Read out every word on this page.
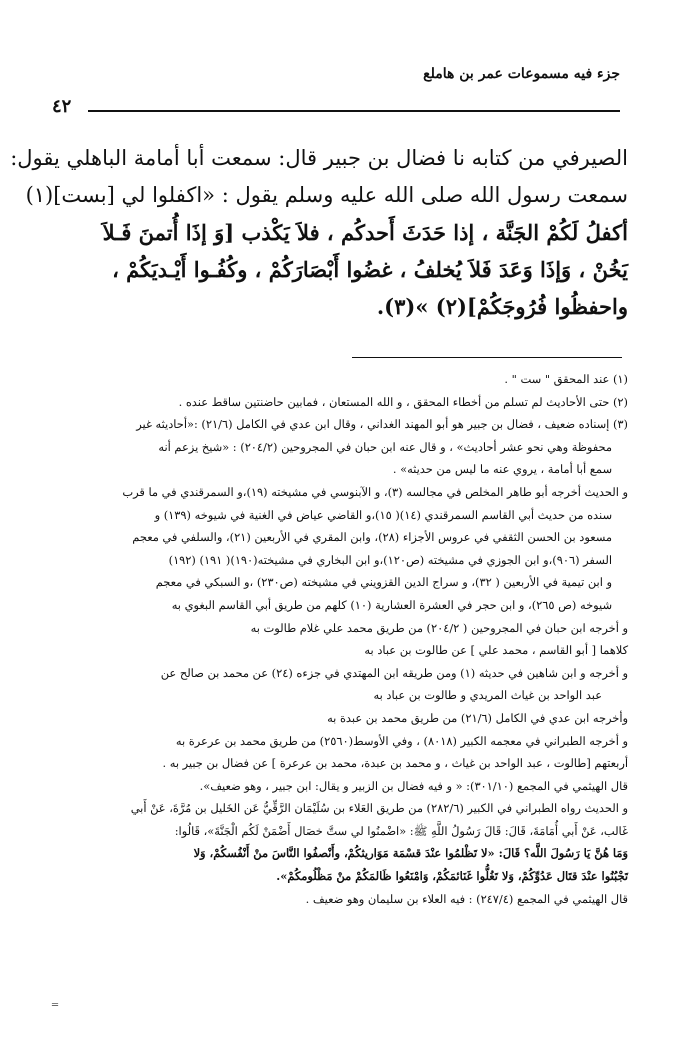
جزء فيه مسموعات عمر بن هاملع
٤٢
الصيرفي من كتابه نا فضال بن جبير قال: سمعت أبا أمامة الباهلي يقول:
سمعت رسول الله صلى الله عليه وسلم يقول : «اكفلوا لي [بست](١)
أكفلُ لَكُمْ الجَنَّة ، إذا حَدَثَ أَحدكُم ، فلاَ يَكْذب [وَ إذَا أُتمنَ فَـلاَ
يَخُنْ ، وَإذَا وَعَدَ فَلاَ يُخلفُ ، غضُوا أَبْصَارَكُمْ ، وكُفُـوا أَيْـديَكُمْ ،
واحفظُوا فُرُوجَكُمْ](٢) »(٣).
(١) عند المحقق " ست " .
(٢) حتى الأحاديث لم تسلم من أخطاء المحقق ، و الله المستعان ، فمابين حاضنتين ساقط عنده .
(٣) إسناده ضعيف ، فضال بن جبير هو أبو المهند الغداني ، وقال ابن عدي في الكامل (٢١/٦) :«أحاديثه غير
محفوظة وهي نحو عشر أحاديث» ، و قال عنه ابن حبان في المجروحين (٢٠٤/٢) : «شيخ يزعم أنه
سمع أبا أمامة ، يروي عنه ما ليس من حديثه» .
و الحديث أخرجه أبو طاهر المخلص في مجالسه (٣)، و الآبنوسي في مشيخته (١٩)،و السمرقندي في ما قرب
سنده من حديث أبي القاسم السمرقندي (١٤)( ١٥)،و القاضي عياض في الغنية في شيوخه (١٣٩) و
مسعود بن الحسن الثقفي في عروس الأجزاء (٢٨)، وابن المقري في الأربعين (٢١)، والسلفي في معجم
السفر (٩٠٦)،و ابن الجوزي في مشيخته (ص١٢٠)،و ابن البخاري في مشيخته(١٩٠)( ١٩١) (١٩٢)
و ابن تيمية في الأربعين ( ٣٢)، و سراج الدين القزويني في مشيخته (ص٢٣٠) ،و السبكي في معجم
شيوخه (ص ٢٦٥)، و ابن حجر في العشرة العشارية (١٠) كلهم من طريق أبي القاسم البغوي به
و أخرجه ابن حبان في المجروحين ( ٢٠٤/٢) من طريق محمد علي غلام طالوت به
كلاهما [ أبو القاسم ، محمد علي ] عن طالوت بن عباد به
و أخرجه و ابن شاهين في حديثه (١) ومن طريقه ابن المهتدي في جزءه (٢٤) عن محمد بن صالح عن
عبد الواحد بن غياث المريدي و طالوت بن عباد به
وأخرجه ابن عدي في الكامل (٢١/٦) من طريق محمد بن عبدة به
و أخرجه الطبراني في معجمه الكبير (٨٠١٨) ، وفي الأوسط(٢٥٦٠) من طريق محمد بن عرعرة به
أربعتهم [طالوت ، عبد الواحد بن غياث ، و محمد بن عبدة، محمد بن عرعرة ] عن فضال بن جبير به .
قال الهيثمي في المجمع (٣٠١/١٠): « و فيه فضال بن الزبير و يقال: ابن جبير ، وهو ضعيف».
و الحديث رواه الطبراني في الكبير (٢٨٢/٦) من طريق العَلاء بن سُلَيْمَان الرَّقِّيُّ عَن الخَليل بن مُرَّةَ، عَنْ أَبي
غَالب، عَنْ أَبي أُمَامَةَ، قَالَ: قَالَ رَسُولُ اللَّهِ ﷺ: «اضْمنُوا لي ستَّ خصَال أَضْمَنْ لَكُم الْجَنَّةَ»، قَالُوا:
وَمَا هُنَّ يَا رَسُولَ اللَّه؟ قَالَ: «لا تَظْلمُوا عنْدَ قسْمَة مَوَاريثكُمْ، وأَنْصفُوا النَّاسَ منْ أَنْفُسكُمْ، وَلا
تَجْبُنُوا عنْدَ قتَال عَدُوِّكُمْ، وَلا تَغُلُّوا غَنَائمَكُمْ، وَامْنَعُوا ظَالمَكُمْ منْ مَظْلُومكُمْ».
قال الهيثمي في المجمع (٢٤٧/٤) : فيه العلاء بن سليمان وهو ضعيف .
═
